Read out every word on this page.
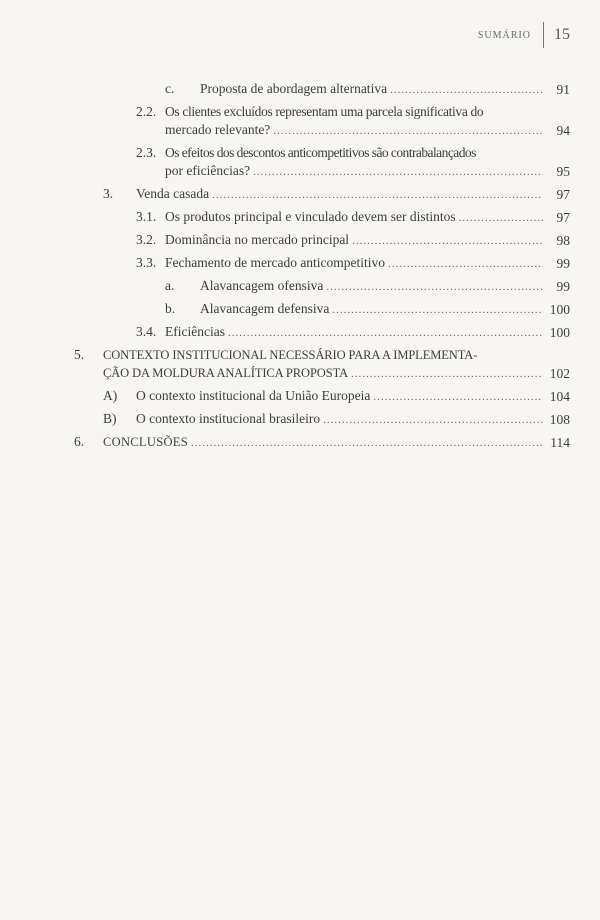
SUMÁRIO 15
c. Proposta de abordagem alternativa .....	91
2.2. Os clientes excluídos representam uma parcela significativa do
mercado relevante? .....	94
2.3. Os efeitos dos descontos anticompetitivos são contrabalançados
por eficiências? .....	95
3. Venda casada .....	97
3.1. Os produtos principal e vinculado devem ser distintos .....	97
3.2. Dominância no mercado principal .....	98
3.3. Fechamento de mercado anticompetitivo .....	99
a. Alavancagem ofensiva .....	99
b. Alavancagem defensiva .....	100
3.4. Eficiências .....	100
5. CONTEXTO INSTITUCIONAL NECESSÁRIO PARA A IMPLEMENTA-
ÇÃO DA MOLDURA ANALÍTICA PROPOSTA .....	102
A) O contexto institucional da União Europeia .....	104
B) O contexto institucional brasileiro .....	108
6. CONCLUSÕES .....	114
